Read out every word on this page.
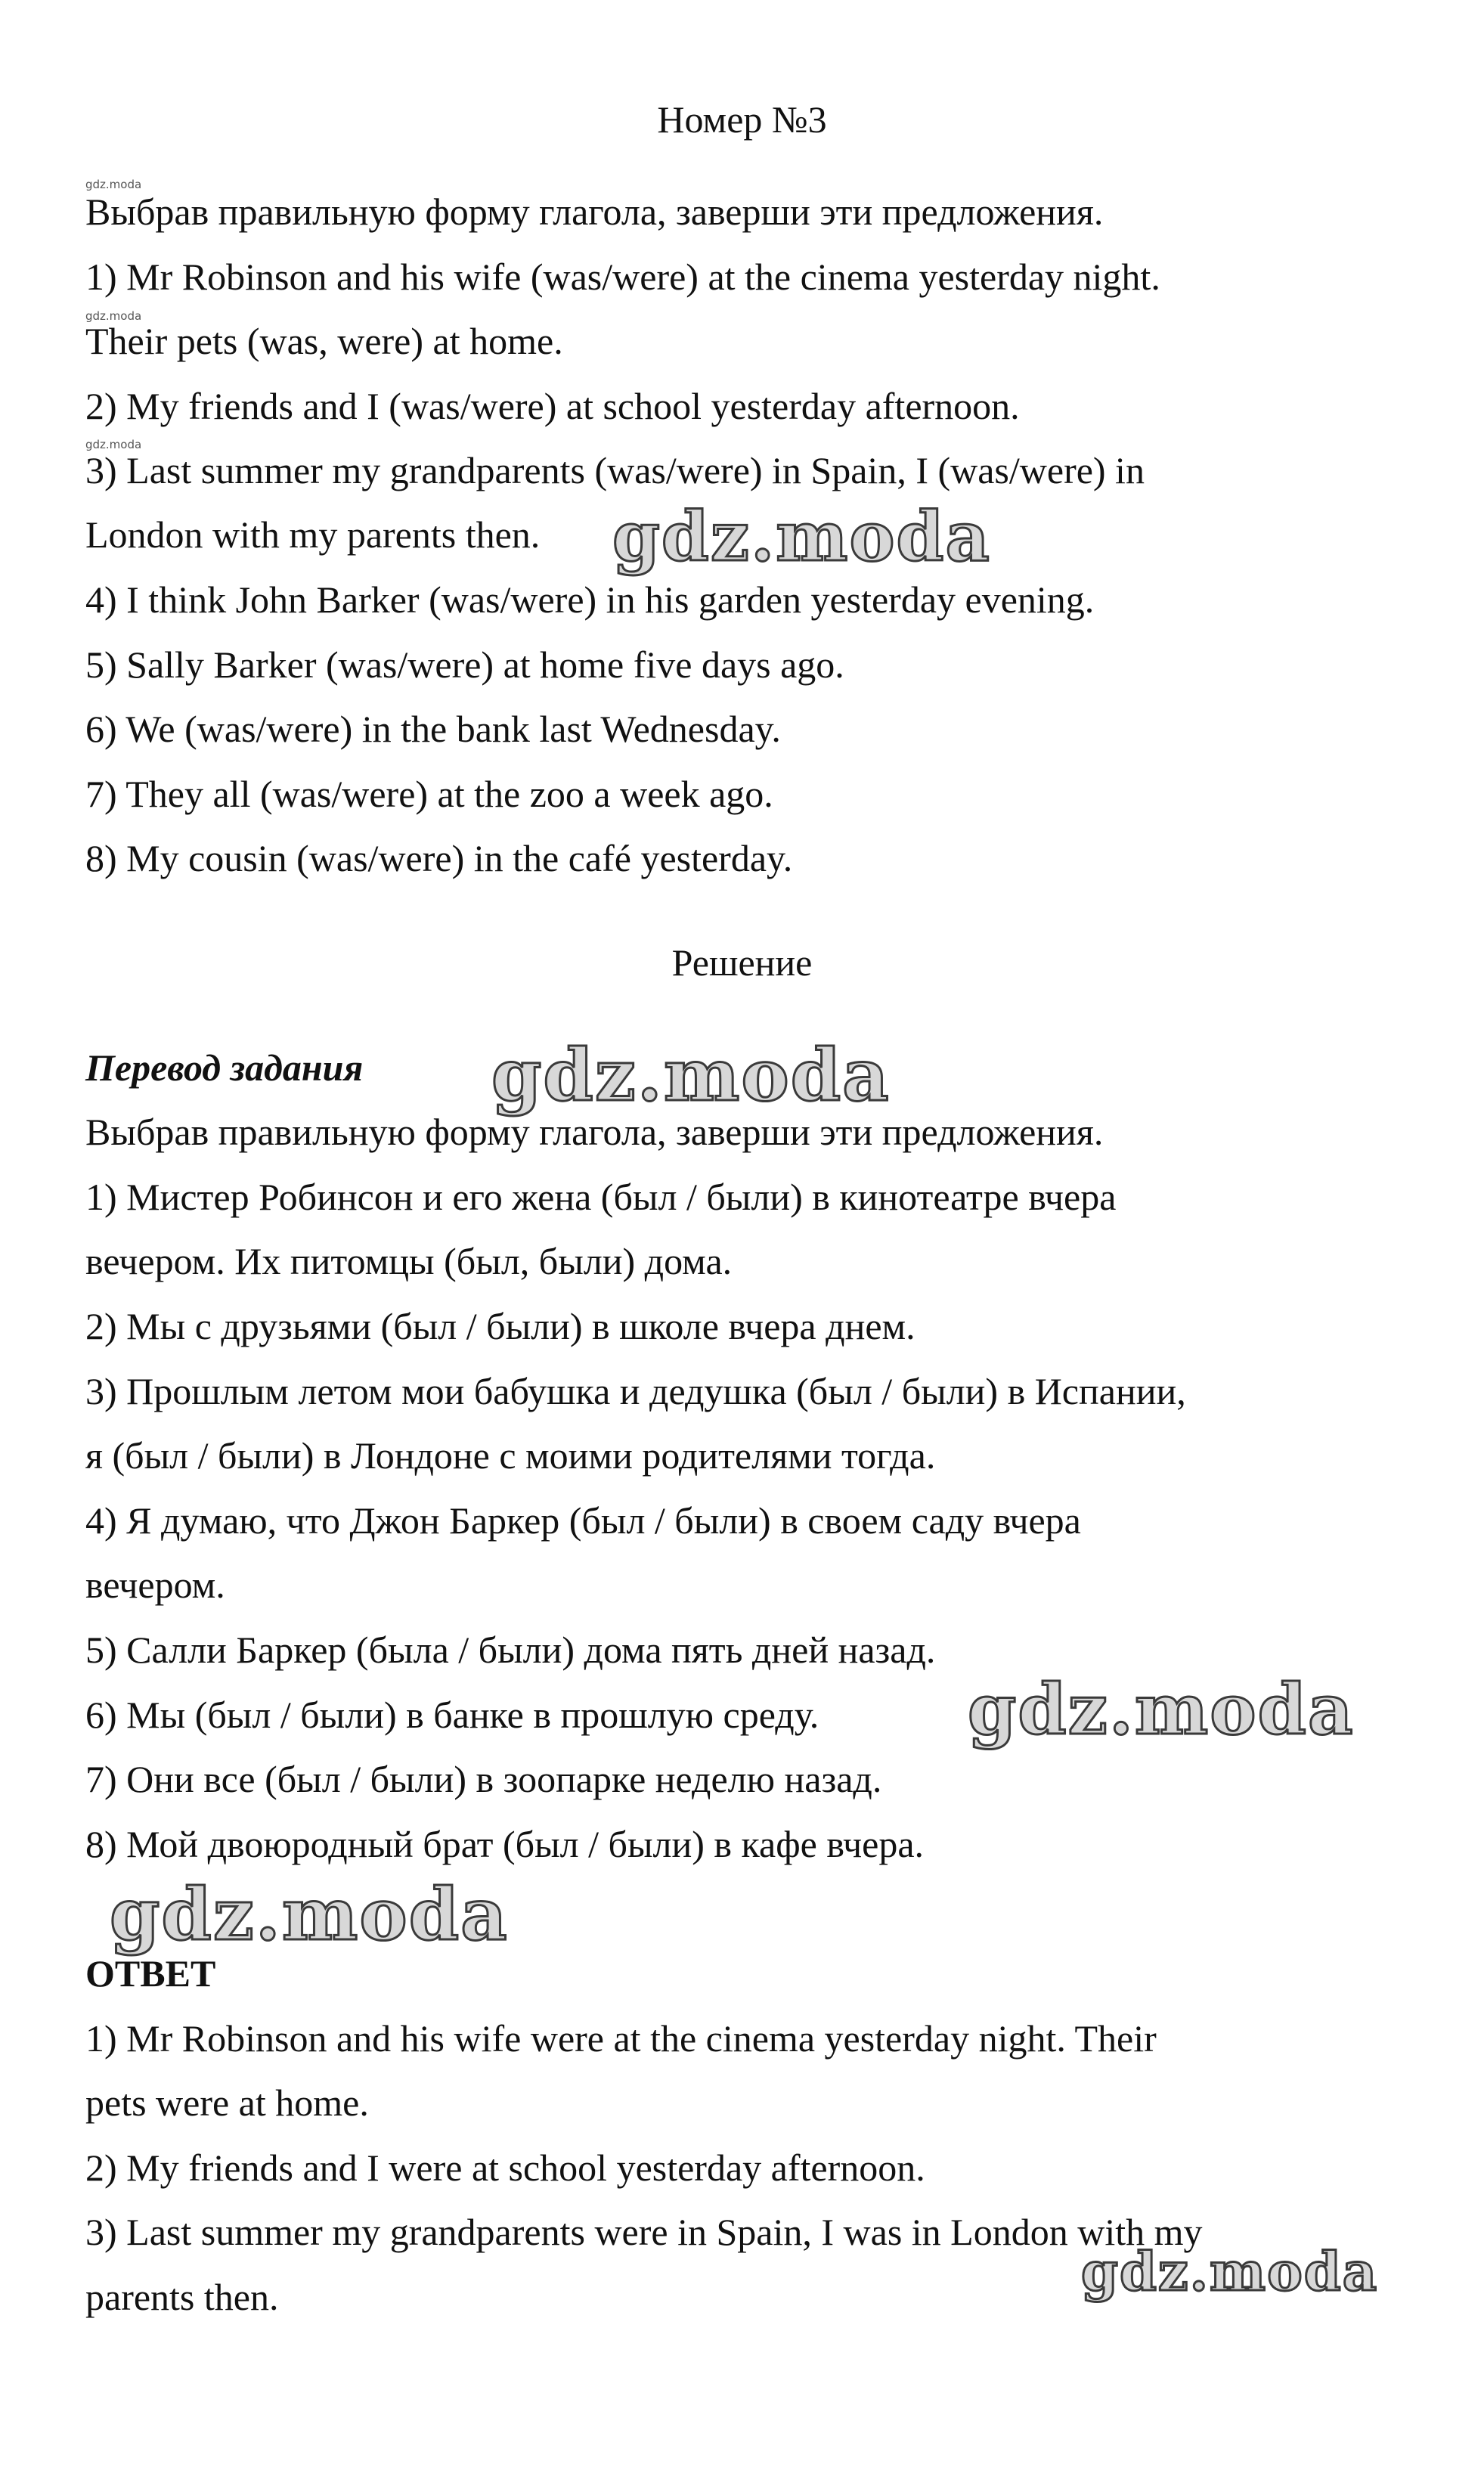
Номер №3
gdz.moda
Выбрав правильную форму глагола, заверши эти предложения.
1) Mr Robinson and his wife (was/were) at the cinema yesterday night.
gdz.moda
Their pets (was, were) at home.
2) My friends and I (was/were) at school yesterday afternoon.
gdz.moda
3) Last summer my grandparents (was/were) in Spain, I (was/were) in
London with my parents then.
4) I think John Barker (was/were) in his garden yesterday evening.
5) Sally Barker (was/were) at home five days ago.
6) We (was/were) in the bank last Wednesday.
7) They all (was/were) at the zoo a week ago.
8) My cousin (was/were) in the café yesterday.
Решение
Перевод задания
Выбрав правильную форму глагола, заверши эти предложения.
1) Мистер Робинсон и его жена (был / были) в кинотеатре вчера
вечером. Их питомцы (был, были) дома.
2) Мы с друзьями (был / были) в школе вчера днем.
3) Прошлым летом мои бабушка и дедушка (был / были) в Испании,
я (был / были) в Лондоне с моими родителями тогда.
4) Я думаю, что Джон Баркер (был / были) в своем саду вчера
вечером.
5) Салли Баркер (была / были) дома пять дней назад.
6) Мы (был / были) в банке в прошлую среду.
7) Они все (был / были) в зоопарке неделю назад.
8) Мой двоюродный брат (был / были) в кафе вчера.
ОТВЕТ
1) Mr Robinson and his wife were at the cinema yesterday night. Their
pets were at home.
2) My friends and I were at school yesterday afternoon.
3) Last summer my grandparents were in Spain, I was in London with my
parents then.
gdz.moda
gdz.moda
gdz.moda
gdz.moda
gdz.moda
